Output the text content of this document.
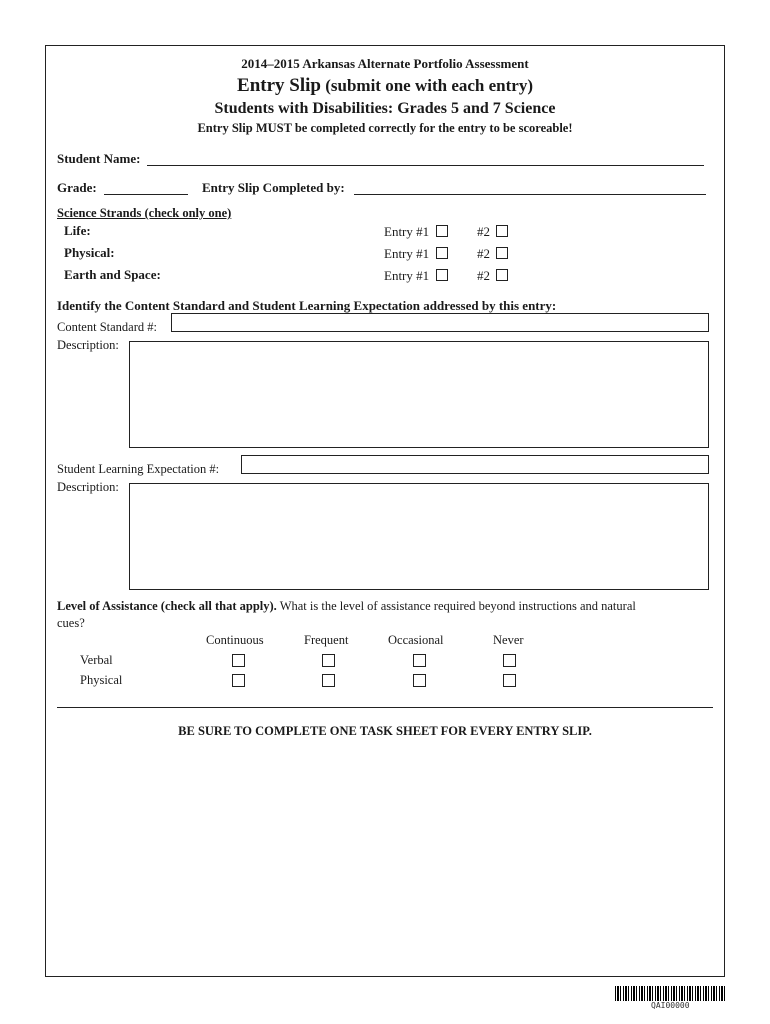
2014–2015 Arkansas Alternate Portfolio Assessment
Entry Slip (submit one with each entry)
Students with Disabilities: Grades 5 and 7 Science
Entry Slip MUST be completed correctly for the entry to be scoreable!
Student Name:
Grade:	Entry Slip Completed by:
Science Strands (check only one)
Life:	Entry #1	#2
Physical:	Entry #1	#2
Earth and Space:	Entry #1	#2
Identify the Content Standard and Student Learning Expectation addressed by this entry:
Content Standard #:
Description:
Student Learning Expectation #:
Description:
Level of Assistance (check all that apply). What is the level of assistance required beyond instructions and natural
cues?
Continuous	Frequent	Occasional	Never
Verbal
Physical
BE SURE TO COMPLETE ONE TASK SHEET FOR EVERY ENTRY SLIP.
QAI00000
